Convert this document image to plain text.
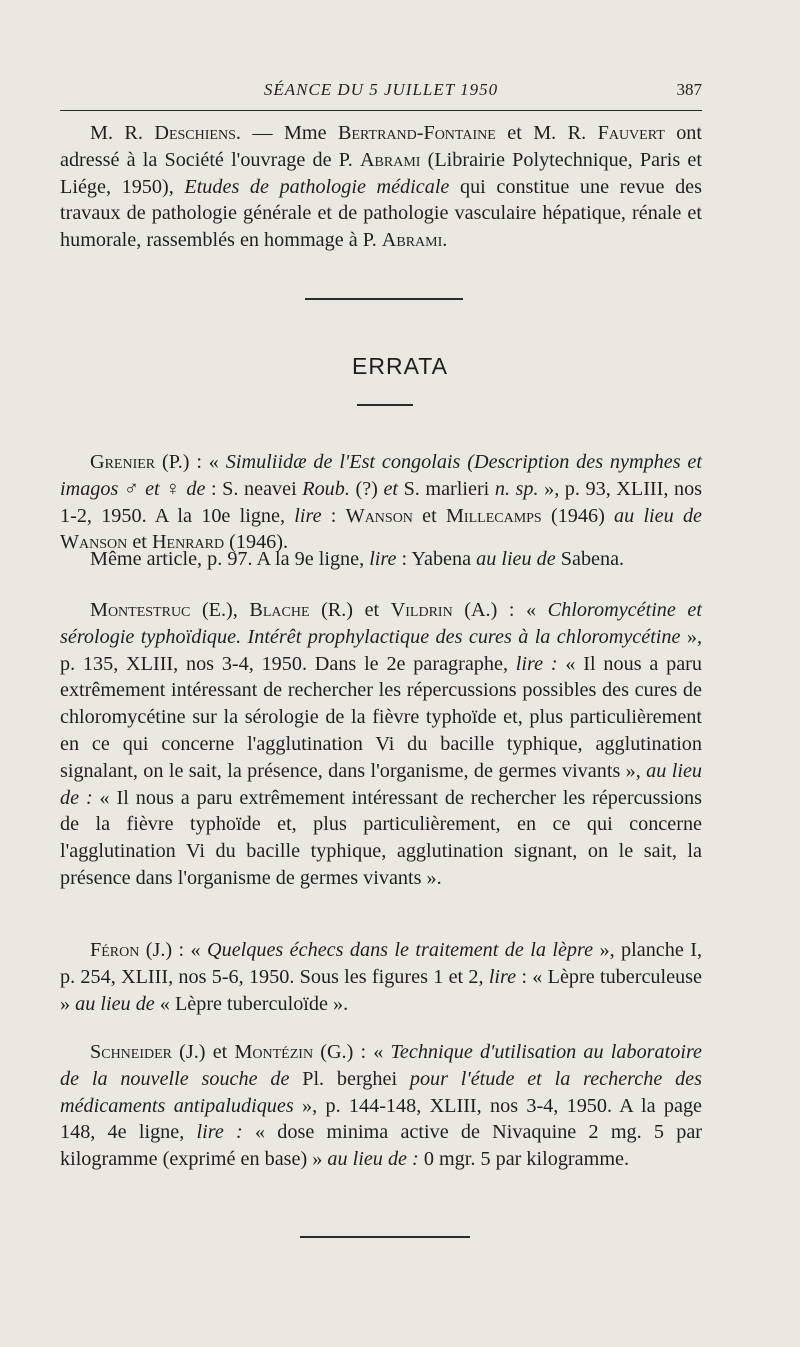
SÉANCE DU 5 JUILLET 1950	387

M. R. Deschiens. — Mme Bertrand-Fontaine et M. R. Fauvert ont adressé à la Société l'ouvrage de P. Abrami (Librairie Polytechnique, Paris et Liége, 1950), Etudes de pathologie médicale qui constitue une revue des travaux de pathologie générale et de pathologie vasculaire hépatique, rénale et humorale, rassemblés en hommage à P. Abrami.

ERRATA

Grenier (P.) : « Simuliidæ de l'Est congolais (Description des nymphes et imagos ♂ et ♀ de : S. neavei Roub. (?) et S. marlieri n. sp. », p. 93, XLIII, nos 1-2, 1950. A la 10e ligne, lire : Wanson et Millecamps (1946) au lieu de Wanson et Henrard (1946).

Même article, p. 97. A la 9e ligne, lire : Yabena au lieu de Sabena.

Montestruc (E.), Blache (R.) et Vildrin (A.) : « Chloromycétine et sérologie typhoïdique. Intérêt prophylactique des cures à la chloromycétine », p. 135, XLIII, nos 3-4, 1950. Dans le 2e paragraphe, lire : « Il nous a paru extrêmement intéressant de rechercher les répercussions possibles des cures de chloromycétine sur la sérologie de la fièvre typhoïde et, plus particulièrement en ce qui concerne l'agglutination Vi du bacille typhique, agglutination signalant, on le sait, la présence, dans l'organisme, de germes vivants », au lieu de : « Il nous a paru extrêmement intéressant de rechercher les répercussions de la fièvre typhoïde et, plus particulièrement, en ce qui concerne l'agglutination Vi du bacille typhique, agglutination signant, on le sait, la présence dans l'organisme de germes vivants ».

Féron (J.) : « Quelques échecs dans le traitement de la lèpre », planche I, p. 254, XLIII, nos 5-6, 1950. Sous les figures 1 et 2, lire : « Lèpre tuberculeuse » au lieu de « Lèpre tuberculoïde ».

Schneider (J.) et Montézin (G.) : « Technique d'utilisation au laboratoire de la nouvelle souche de Pl. berghei pour l'étude et la recherche des médicaments antipaludiques », p. 144-148, XLIII, nos 3-4, 1950. A la page 148, 4e ligne, lire : « dose minima active de Nivaquine 2 mg. 5 par kilogramme (exprimé en base) » au lieu de : 0 mgr. 5 par kilogramme.
